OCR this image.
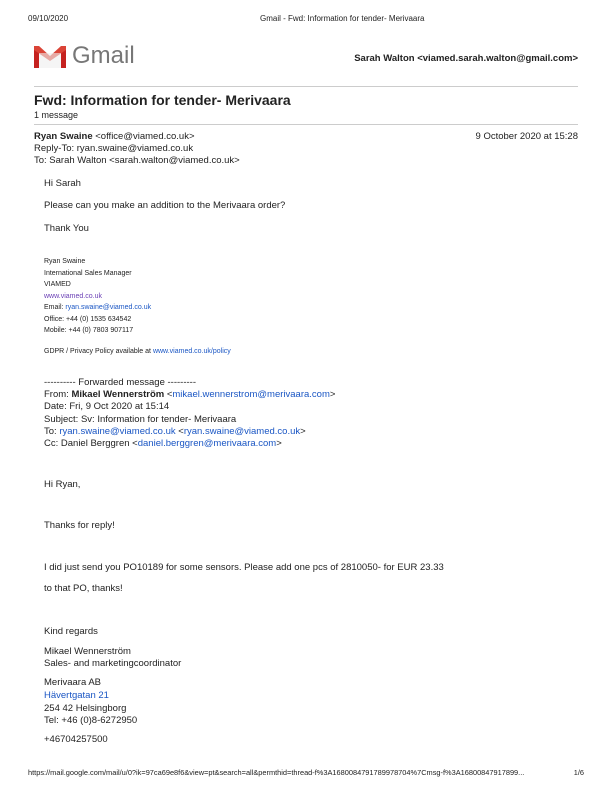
09/10/2020	Gmail - Fwd: Information for tender- Merivaara
Gmail	Sarah Walton <viamed.sarah.walton@gmail.com>
Fwd: Information for tender- Merivaara
1 message
Ryan Swaine <office@viamed.co.uk>	9 October 2020 at 15:28
Reply-To: ryan.swaine@viamed.co.uk
To: Sarah Walton <sarah.walton@viamed.co.uk>
Hi Sarah
Please can you make an addition to the Merivaara order?
Thank You
Ryan Swaine
International Sales Manager
VIAMED
www.viamed.co.uk
Email: ryan.swaine@viamed.co.uk
Office: +44 (0) 1535 634542
Mobile: +44 (0) 7803 907117
GDPR / Privacy Policy available at www.viamed.co.uk/policy
---------- Forwarded message ---------
From: Mikael Wennerström <mikael.wennerstrom@merivaara.com>
Date: Fri, 9 Oct 2020 at 15:14
Subject: Sv: Information for tender- Merivaara
To: ryan.swaine@viamed.co.uk <ryan.swaine@viamed.co.uk>
Cc: Daniel Berggren <daniel.berggren@merivaara.com>
Hi Ryan,
Thanks for reply!
I did just send you PO10189 for some sensors. Please add one pcs of 2810050- for EUR 23.33
to that PO, thanks!
Kind regards
Mikael Wennerström
Sales- and marketingcoordinator
Merivaara AB
Hävertgatan 21
254 42 Helsingborg
Tel: +46 (0)8-6272950
+46704257500
https://mail.google.com/mail/u/0?ik=97ca69e8f6&view=pt&search=all&permthid=thread-f%3A1680084791789978704%7Cmsg-f%3A16800847917899...	1/6
